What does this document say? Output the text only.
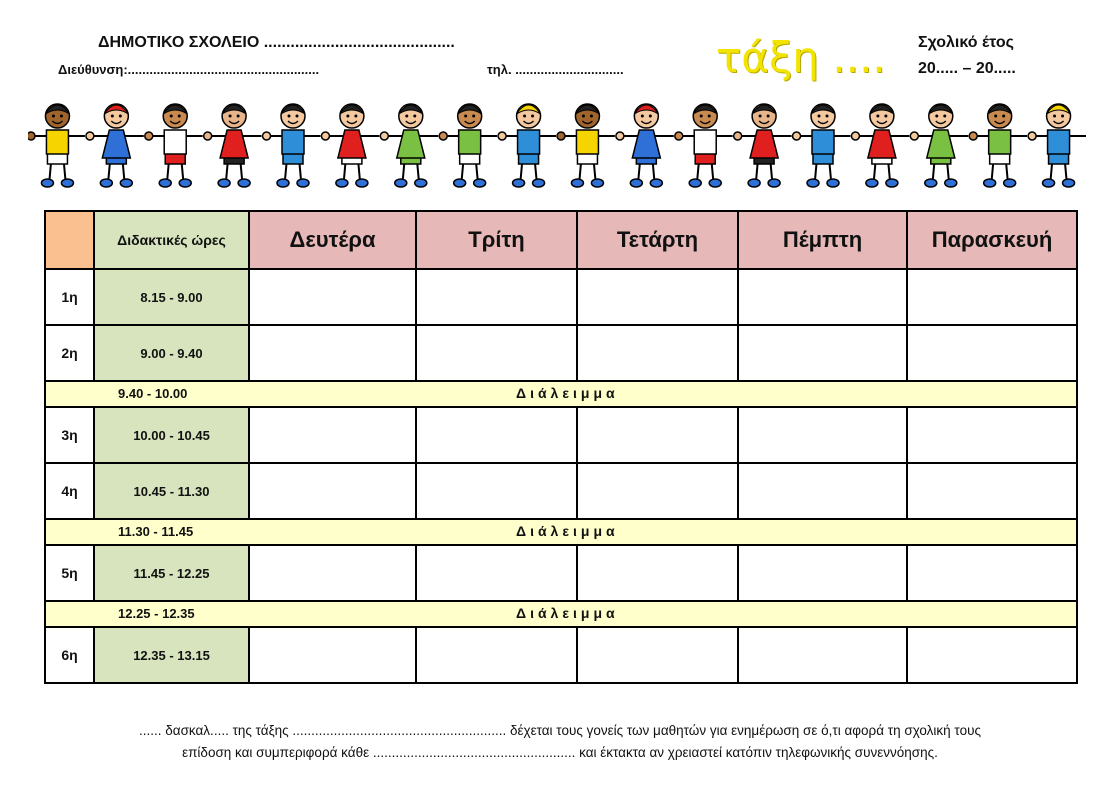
ΔΗΜΟΤΙΚΟ ΣΧΟΛΕΙΟ ...........................................
Διεύθυνση:.....................................................	τηλ. .............................. τάξη .... Σχολικό έτος
20..... – 20.....
	Διδακτικές ώρες	Δευτέρα	Τρίτη	Τετάρτη	Πέμπτη	Παρασκευή
1η	8.15 - 9.00					
2η	9.00 - 9.40					

9.40 - 10.00 Διάλειμμα						

3η	10.00 - 10.45					
4η	10.45 - 11.30					

11.30 - 11.45 Διάλειμμα						

5η	11.45 - 12.25					

12.25 - 12.35 Διάλειμμα						

6η	12.35 - 13.15					
...... δασκαλ..... της τάξης ......................................................... δέχεται τους γονείς των μαθητών για ενημέρωση σε ό,τι αφορά τη σχολική τους
επίδοση και συμπεριφορά κάθε ...................................................... και έκτακτα αν χρειαστεί κατόπιν τηλεφωνικής συνεννόησης.
